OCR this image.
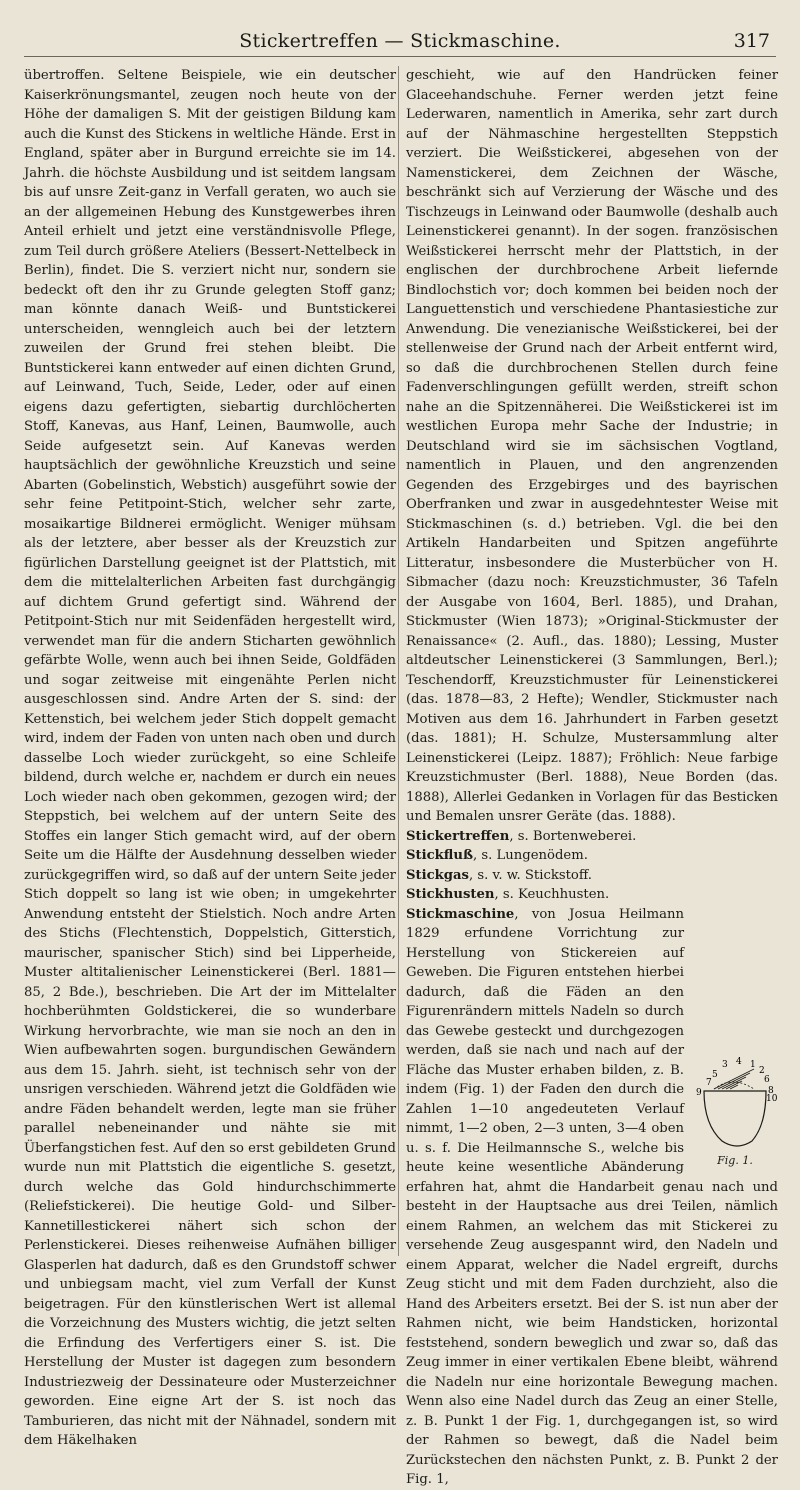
Stickertreffen — Stickmaschine.	317

übertroffen. Seltene Beispiele, wie ein deutscher Kaiserkrönungsmantel, zeugen noch heute von der Höhe der damaligen S. Mit der geistigen Bildung kam auch die Kunst des Stickens in weltliche Hände. Erst in England, später aber in Burgund erreichte sie im 14. Jahrh. die höchste Ausbildung und ist seitdem langsam bis auf unsre Zeit-ganz in Verfall geraten, wo auch sie an der allgemeinen Hebung des Kunstgewerbes ihren Anteil erhielt und jetzt eine verständnisvolle Pflege, zum Teil durch größere Ateliers (Bessert-Nettelbeck in Berlin), findet. Die S. verziert nicht nur, sondern sie bedeckt oft den ihr zu Grunde gelegten Stoff ganz; man könnte danach Weiß- und Buntstickerei unterscheiden, wenngleich auch bei der letztern zuweilen der Grund frei stehen bleibt. Die Buntstickerei kann entweder auf einen dichten Grund, auf Leinwand, Tuch, Seide, Leder, oder auf einen eigens dazu gefertigten, siebartig durchlöcherten Stoff, Kanevas, aus Hanf, Leinen, Baumwolle, auch Seide aufgesetzt sein. Auf Kanevas werden hauptsächlich der gewöhnliche Kreuzstich und seine Abarten (Gobelinstich, Webstich) ausgeführt sowie der sehr feine Petitpoint-Stich, welcher sehr zarte, mosaikartige Bildnerei ermöglicht. Weniger mühsam als der letztere, aber besser als der Kreuzstich zur figürlichen Darstellung geeignet ist der Plattstich, mit dem die mittelalterlichen Arbeiten fast durchgängig auf dichtem Grund gefertigt sind. Während der Petitpoint-Stich nur mit Seidenfäden hergestellt wird, verwendet man für die andern Sticharten gewöhnlich gefärbte Wolle, wenn auch bei ihnen Seide, Goldfäden und sogar zeitweise mit eingenähte Perlen nicht ausgeschlossen sind. Andre Arten der S. sind: der Kettenstich, bei welchem jeder Stich doppelt gemacht wird, indem der Faden von unten nach oben und durch dasselbe Loch wieder zurückgeht, so eine Schleife bildend, durch welche er, nachdem er durch ein neues Loch wieder nach oben gekommen, gezogen wird; der Steppstich, bei welchem auf der untern Seite des Stoffes ein langer Stich gemacht wird, auf der obern Seite um die Hälfte der Ausdehnung desselben wieder zurückgegriffen wird, so daß auf der untern Seite jeder Stich doppelt so lang ist wie oben; in umgekehrter Anwendung entsteht der Stielstich. Noch andre Arten des Stichs (Flechtenstich, Doppelstich, Gitterstich, maurischer, spanischer Stich) sind bei Lipperheide, Muster altitalienischer Leinenstickerei (Berl. 1881—85, 2 Bde.), beschrieben. Die Art der im Mittelalter hochberühmten Goldstickerei, die so wunderbare Wirkung hervorbrachte, wie man sie noch an den in Wien aufbewahrten sogen. burgundischen Gewändern aus dem 15. Jahrh. sieht, ist technisch sehr von der unsrigen verschieden. Während jetzt die Goldfäden wie andre Fäden behandelt werden, legte man sie früher parallel nebeneinander und nähte sie mit Überfangstichen fest. Auf den so erst gebildeten Grund wurde nun mit Plattstich die eigentliche S. gesetzt, durch welche das Gold hindurchschimmerte (Reliefstickerei). Die heutige Gold- und Silber-Kannetillestickerei nähert sich schon der Perlenstickerei. Dieses reihenweise Aufnähen billiger Glasperlen hat dadurch, daß es den Grundstoff schwer und unbiegsam macht, viel zum Verfall der Kunst beigetragen. Für den künstlerischen Wert ist allemal die Vorzeichnung des Musters wichtig, die jetzt selten die Erfindung des Verfertigers einer S. ist. Die Herstellung der Muster ist dagegen zum besondern Industriezweig der Dessinateure oder Musterzeichner geworden. Eine eigne Art der S. ist noch das Tamburieren, das nicht mit der Nähnadel, sondern mit dem Häkelhaken

geschieht, wie auf den Handrücken feiner Glaceehandschuhe. Ferner werden jetzt feine Lederwaren, namentlich in Amerika, sehr zart durch auf der Nähmaschine hergestellten Steppstich verziert. Die Weißstickerei, abgesehen von der Namenstickerei, dem Zeichnen der Wäsche, beschränkt sich auf Verzierung der Wäsche und des Tischzeugs in Leinwand oder Baumwolle (deshalb auch Leinenstickerei genannt). In der sogen. französischen Weißstickerei herrscht mehr der Plattstich, in der englischen der durchbrochene Arbeit liefernde Bindlochstich vor; doch kommen bei beiden noch der Languettenstich und verschiedene Phantasiestiche zur Anwendung. Die venezianische Weißstickerei, bei der stellenweise der Grund nach der Arbeit entfernt wird, so daß die durchbrochenen Stellen durch feine Fadenverschlingungen gefüllt werden, streift schon nahe an die Spitzennäherei. Die Weißstickerei ist im westlichen Europa mehr Sache der Industrie; in Deutschland wird sie im sächsischen Vogtland, namentlich in Plauen, und den angrenzenden Gegenden des Erzgebirges und des bayrischen Oberfranken und zwar in ausgedehntester Weise mit Stickmaschinen (s. d.) betrieben. Vgl. die bei den Artikeln Handarbeiten und Spitzen angeführte Litteratur, insbesondere die Musterbücher von H. Sibmacher (dazu noch: Kreuzstichmuster, 36 Tafeln der Ausgabe von 1604, Berl. 1885), und Drahan, Stickmuster (Wien 1873); »Original-Stickmuster der Renaissance« (2. Aufl., das. 1880); Lessing, Muster altdeutscher Leinenstickerei (3 Sammlungen, Berl.); Teschendorff, Kreuzstichmuster für Leinenstickerei (das. 1878—83, 2 Hefte); Wendler, Stickmuster nach Motiven aus dem 16. Jahrhundert in Farben gesetzt (das. 1881); H. Schulze, Mustersammlung alter Leinenstickerei (Leipz. 1887); Fröhlich: Neue farbige Kreuzstichmuster (Berl. 1888), Neue Borden (das. 1888), Allerlei Gedanken in Vorlagen für das Besticken und Bemalen unsrer Geräte (das. 1888).

Stickertreffen, s. Bortenweberei.

Stickfluß, s. Lungenödem.

Stickgas, s. v. w. Stickstoff.

Stickhusten, s. Keuchhusten.

1
2
3 4
5	6
7
8
9
10
Fig. 1.

Stickmaschine, von Josua Heilmann 1829 erfundene Vorrichtung zur Herstellung von Stickereien auf Geweben. Die Figuren entstehen hierbei dadurch, daß die Fäden an den Figurenrändern mittels Nadeln so durch das Gewebe gesteckt und durchgezogen werden, daß sie nach und nach auf der Fläche das Muster erhaben bilden, z. B. indem (Fig. 1) der Faden den durch die Zahlen 1—10 angedeuteten Verlauf nimmt, 1—2 oben, 2—3 unten, 3—4 oben u. s. f. Die Heilmannsche S., welche bis heute keine wesentliche Abänderung erfahren hat, ahmt die Handarbeit genau nach und besteht in der Hauptsache aus drei Teilen, nämlich einem Rahmen, an welchem das mit Stickerei zu versehende Zeug ausgespannt wird, den Nadeln und einem Apparat, welcher die Nadel ergreift, durchs Zeug sticht und mit dem Faden durchzieht, also die Hand des Arbeiters ersetzt. Bei der S. ist nun aber der Rahmen nicht, wie beim Handsticken, horizontal feststehend, sondern beweglich und zwar so, daß das Zeug immer in einer vertikalen Ebene bleibt, während die Nadeln nur eine horizontale Bewegung machen. Wenn also eine Nadel durch das Zeug an einer Stelle, z. B. Punkt 1 der Fig. 1, durchgegangen ist, so wird der Rahmen so bewegt, daß die Nadel beim Zurückstechen den nächsten Punkt, z. B. Punkt 2 der Fig. 1,
